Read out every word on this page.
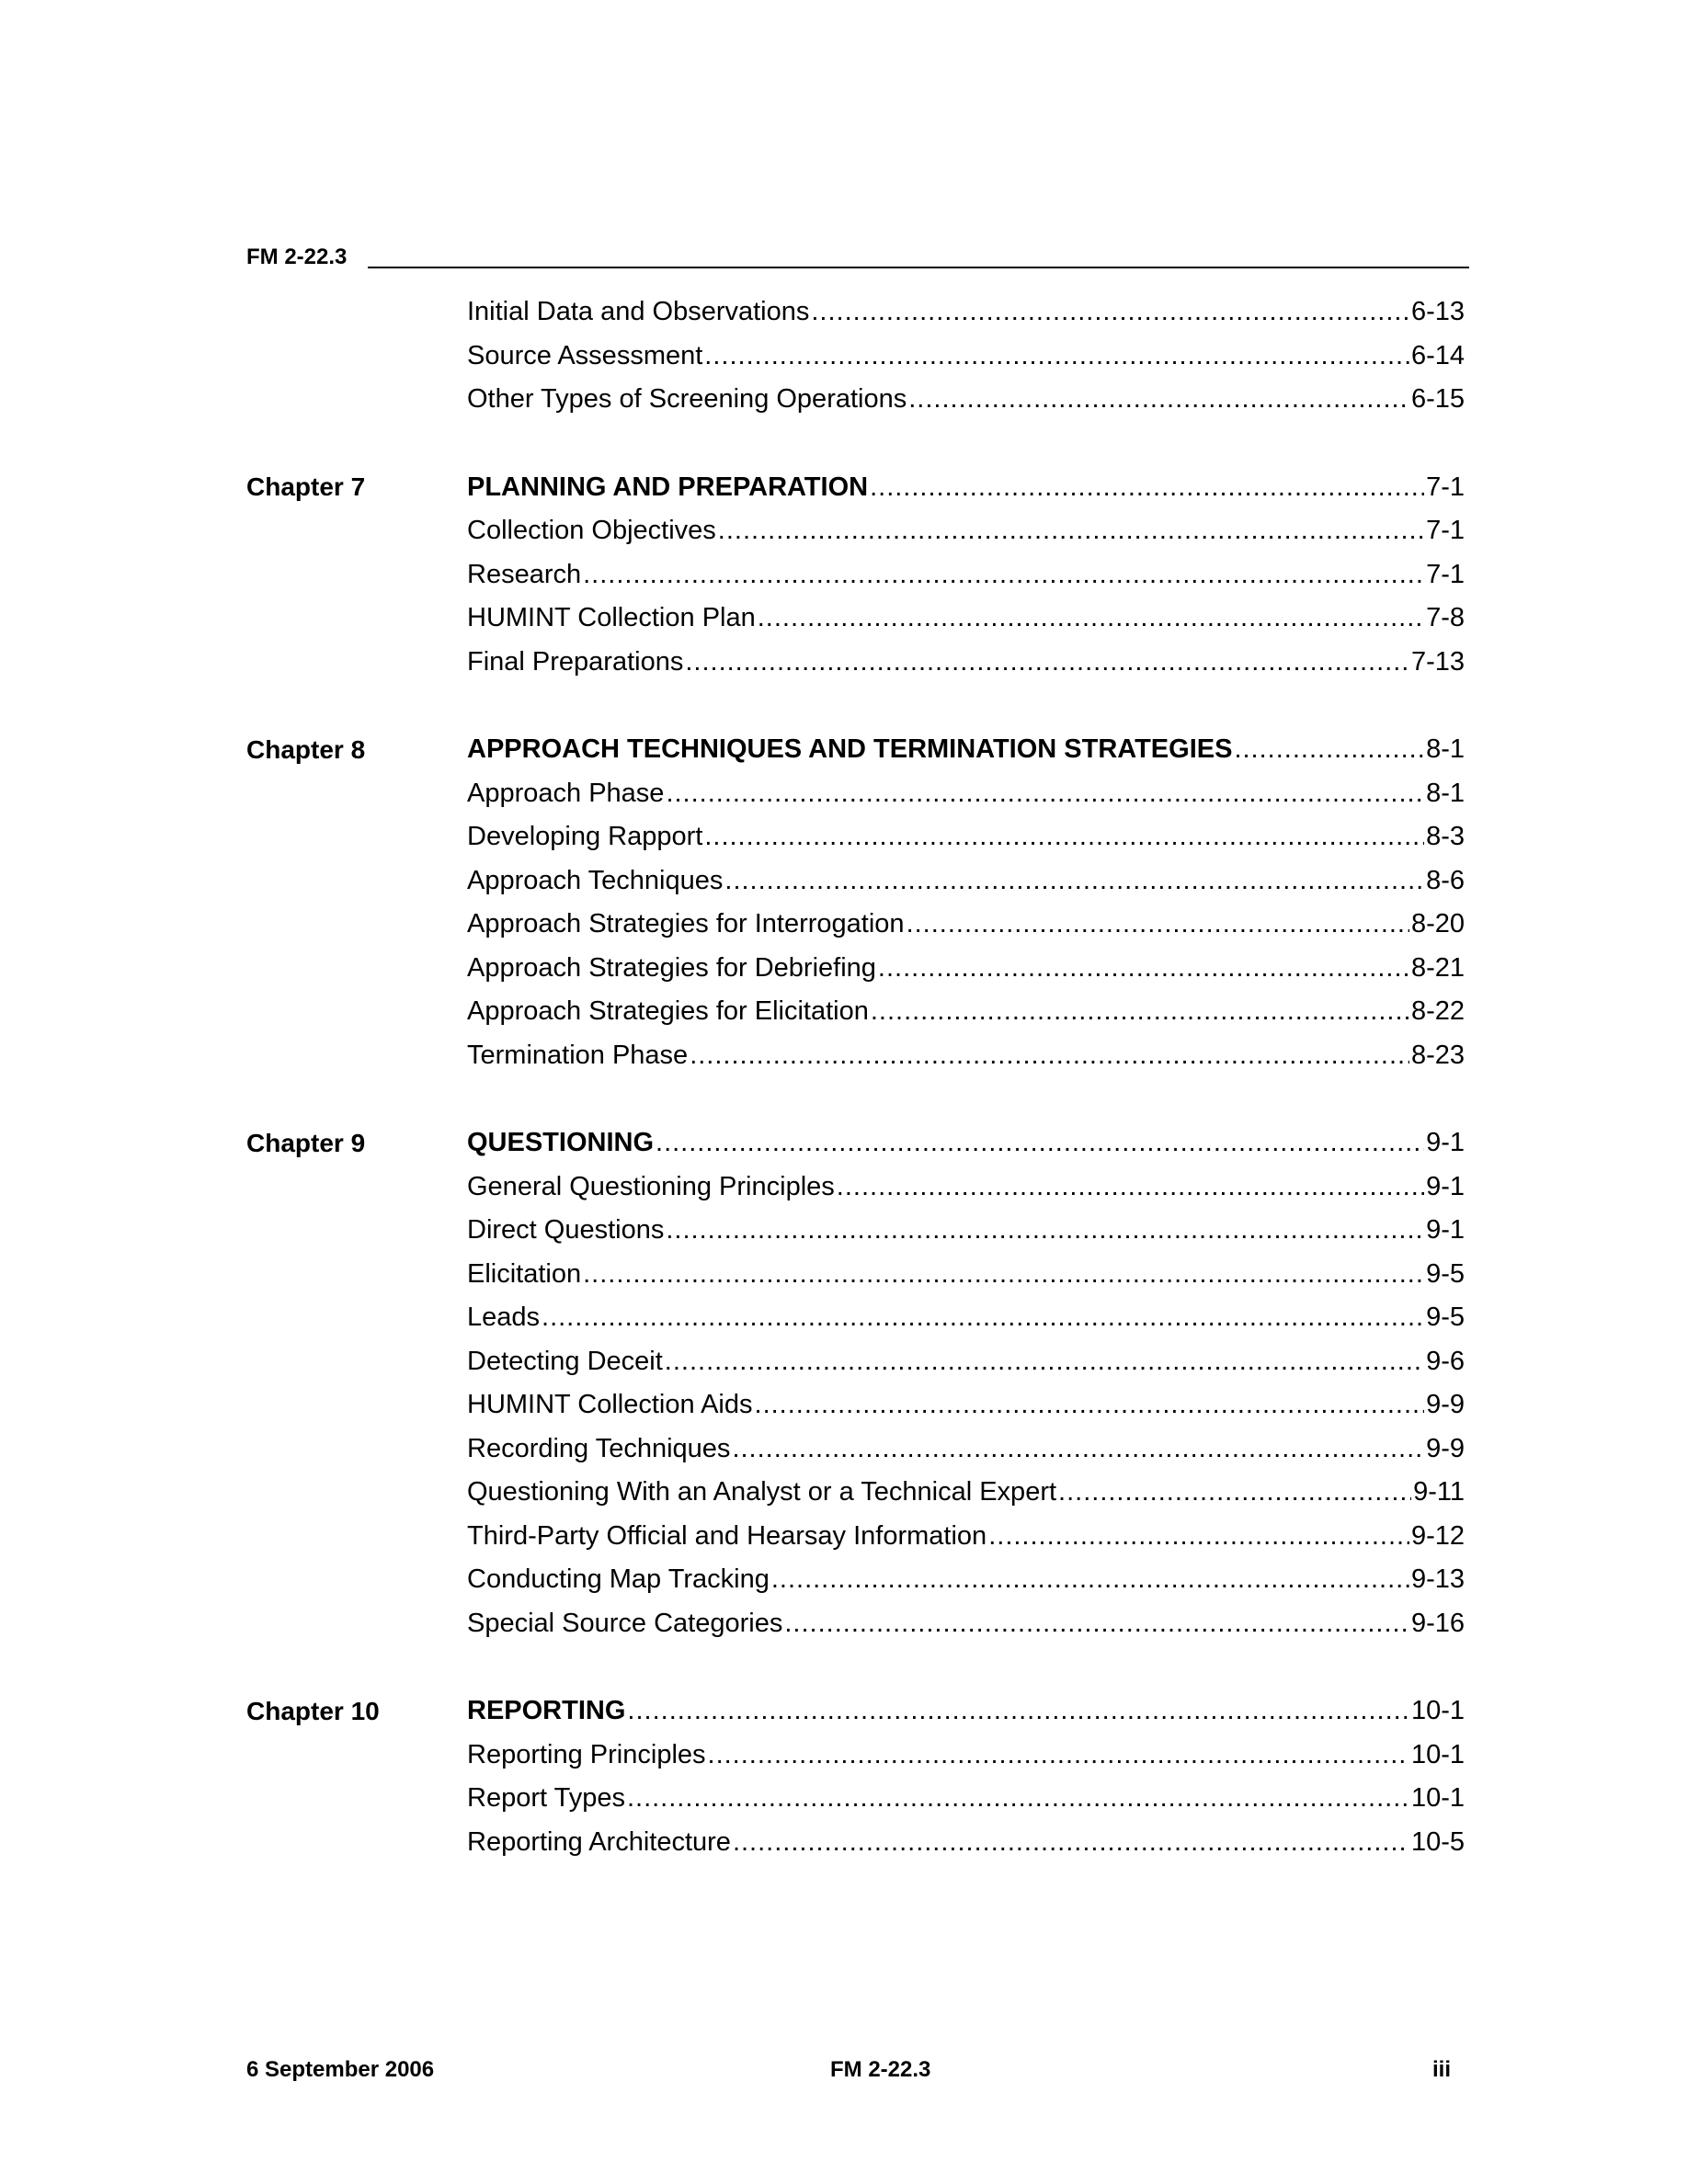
FM 2-22.3
Initial Data and Observations .....	6-13
Source Assessment .....	6-14
Other Types of Screening Operations .....	6-15
Chapter 7	PLANNING AND PREPARATION .....	7-1
Collection Objectives .....	7-1
Research .....	7-1
HUMINT Collection Plan .....	7-8
Final Preparations .....	7-13
Chapter 8	APPROACH TECHNIQUES AND TERMINATION STRATEGIES .....	8-1
Approach Phase .....	8-1
Developing Rapport .....	8-3
Approach Techniques .....	8-6
Approach Strategies for Interrogation .....	8-20
Approach Strategies for Debriefing .....	8-21
Approach Strategies for Elicitation .....	8-22
Termination Phase .....	8-23
Chapter 9	QUESTIONING .....	9-1
General Questioning Principles .....	9-1
Direct Questions .....	9-1
Elicitation .....	9-5
Leads .....	9-5
Detecting Deceit .....	9-6
HUMINT Collection Aids .....	9-9
Recording Techniques .....	9-9
Questioning With an Analyst or a Technical Expert .....	9-11
Third-Party Official and Hearsay Information .....	9-12
Conducting Map Tracking .....	9-13
Special Source Categories .....	9-16
Chapter 10	REPORTING .....	10-1
Reporting Principles .....	10-1
Report Types .....	10-1
Reporting Architecture .....	10-5
6 September 2006	FM 2-22.3	iii
